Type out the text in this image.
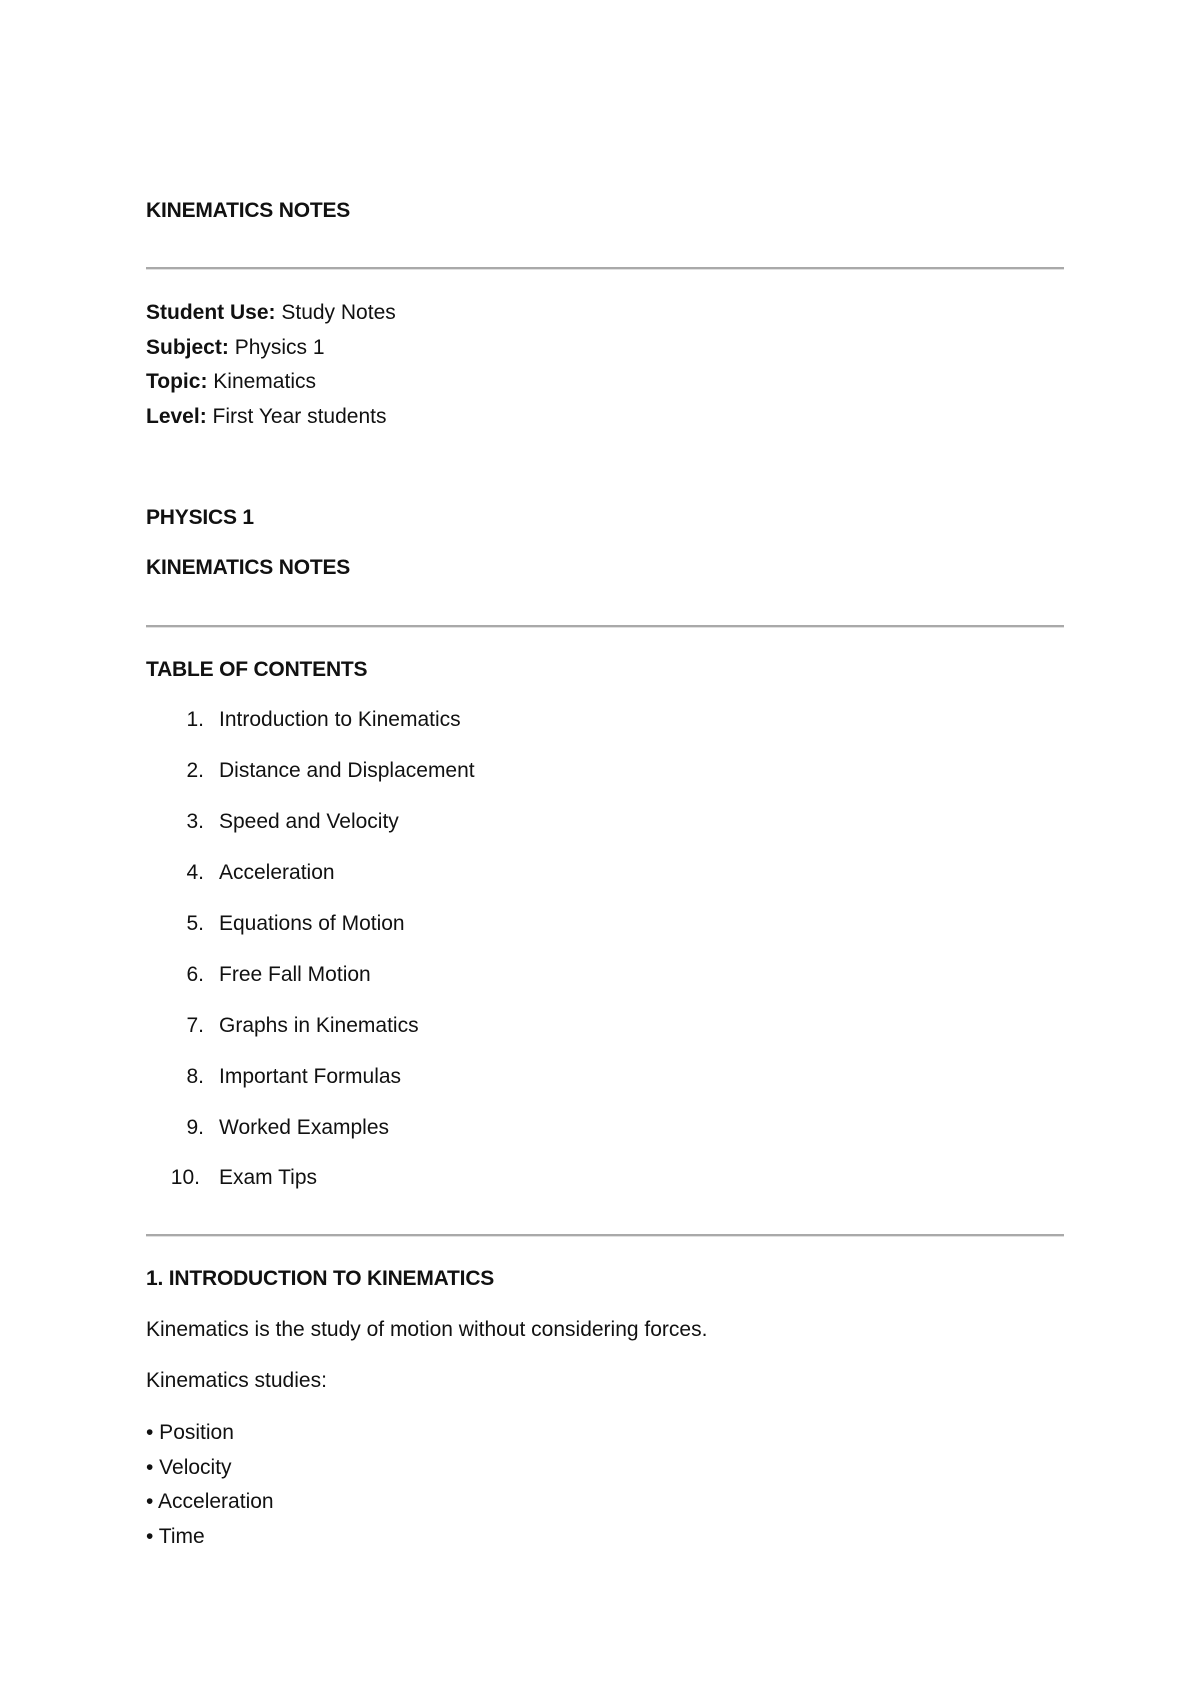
KINEMATICS NOTES
Student Use: Study Notes
Subject: Physics 1
Topic: Kinematics
Level: First Year students
PHYSICS 1
KINEMATICS NOTES
TABLE OF CONTENTS
1. Introduction to Kinematics
2. Distance and Displacement
3. Speed and Velocity
4. Acceleration
5. Equations of Motion
6. Free Fall Motion
7. Graphs in Kinematics
8. Important Formulas
9. Worked Examples
10. Exam Tips
1. INTRODUCTION TO KINEMATICS
Kinematics is the study of motion without considering forces.
Kinematics studies:
• Position
• Velocity
• Acceleration
• Time
